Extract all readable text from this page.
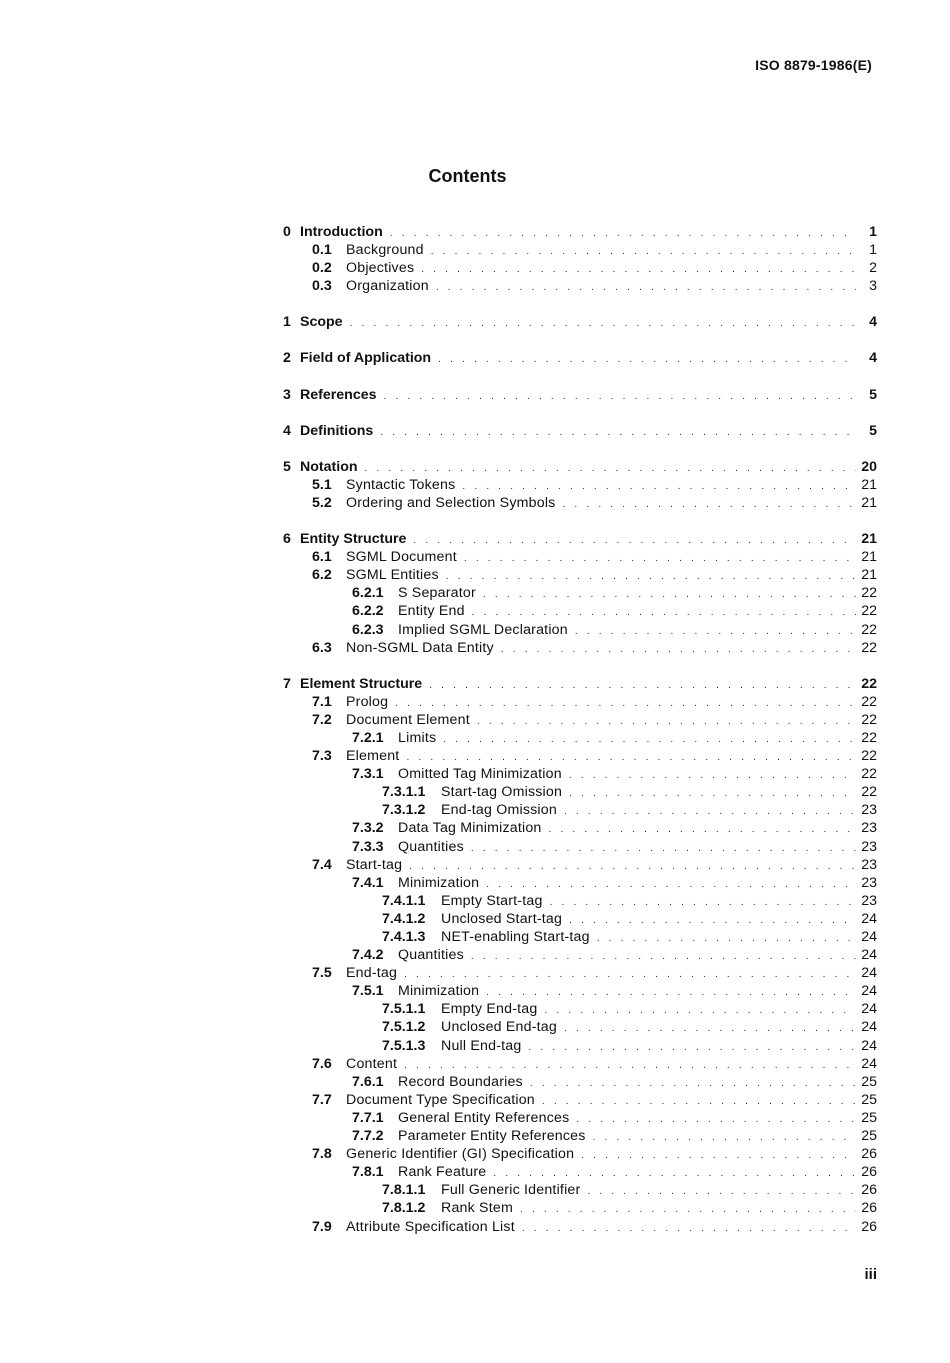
ISO 8879-1986(E)
Contents
0 Introduction . . .	1
0.1	Background . . .	1
0.2	Objectives . . .	2
0.3	Organization . . .	3
1 Scope . . .	4
2 Field of Application . . .	4
3 References . . .	5
4 Definitions . . .	5
5 Notation . . .	20
5.1	Syntactic Tokens . . .	21
5.2	Ordering and Selection Symbols . . .	21
6 Entity Structure . . .	21
6.1	SGML Document . . .	21
6.2	SGML Entities . . .	21
6.2.1	S Separator . . .	22
6.2.2	Entity End . . .	22
6.2.3	Implied SGML Declaration . . .	22
6.3	Non-SGML Data Entity . . .	22
7 Element Structure . . .	22
7.1	Prolog . . .	22
7.2	Document Element . . .	22
7.2.1	Limits . . .	22
7.3	Element . . .	22
7.3.1	Omitted Tag Minimization . . .	22
7.3.1.1	Start-tag Omission . . .	22
7.3.1.2	End-tag Omission . . .	23
7.3.2	Data Tag Minimization . . .	23
7.3.3	Quantities . . .	23
7.4	Start-tag . . .	23
7.4.1	Minimization . . .	23
7.4.1.1	Empty Start-tag . . .	23
7.4.1.2	Unclosed Start-tag . . .	24
7.4.1.3	NET-enabling Start-tag . . .	24
7.4.2	Quantities . . .	24
7.5	End-tag . . .	24
7.5.1	Minimization . . .	24
7.5.1.1	Empty End-tag . . .	24
7.5.1.2	Unclosed End-tag . . .	24
7.5.1.3	Null End-tag . . .	24
7.6	Content . . .	24
7.6.1	Record Boundaries . . .	25
7.7	Document Type Specification . . .	25
7.7.1	General Entity References . . .	25
7.7.2	Parameter Entity References . . .	25
7.8	Generic Identifier (GI) Specification . . .	26
7.8.1	Rank Feature . . .	26
7.8.1.1	Full Generic Identifier . . .	26
7.8.1.2	Rank Stem . . .	26
7.9	Attribute Specification List . . .	26
iii
